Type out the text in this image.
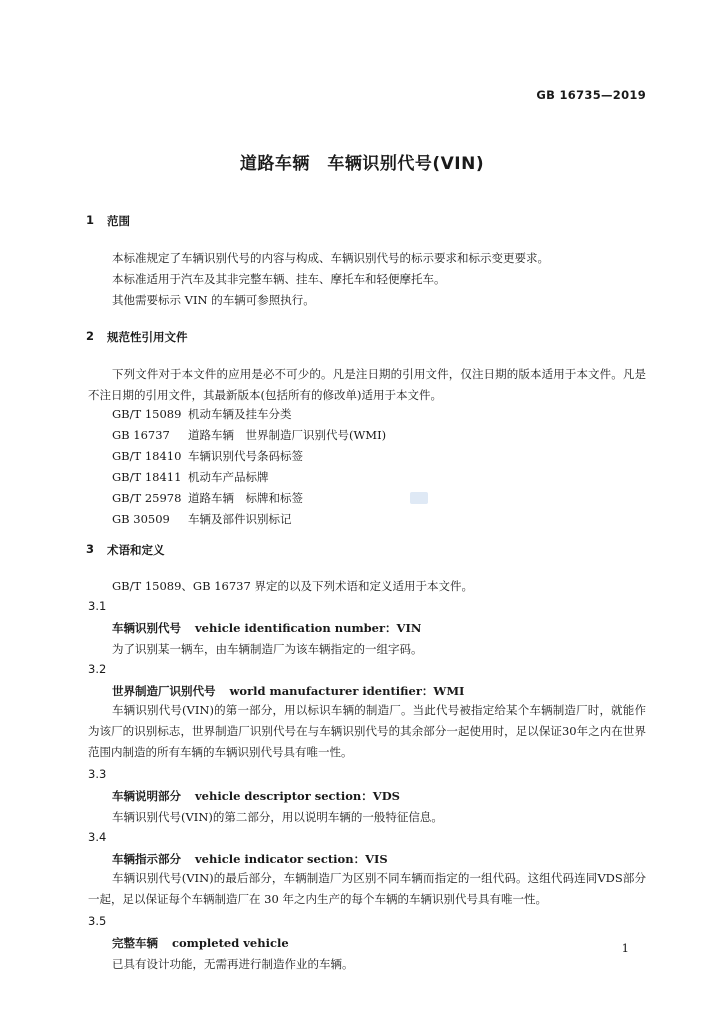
GB 16735—2019
道路车辆　车辆识别代号(VIN)
1 范围
本标准规定了车辆识别代号的内容与构成、车辆识别代号的标示要求和标示变更要求。
本标准适用于汽车及其非完整车辆、挂车、摩托车和轻便摩托车。
其他需要标示 VIN 的车辆可参照执行。
2 规范性引用文件
下列文件对于本文件的应用是必不可少的。凡是注日期的引用文件，仅注日期的版本适用于本文件。凡是不注日期的引用文件，其最新版本(包括所有的修改单)适用于本文件。
GB/T 15089 机动车辆及挂车分类
GB 16737 道路车辆　世界制造厂识别代号(WMI)
GB/T 18410 车辆识别代号条码标签
GB/T 18411 机动车产品标牌
GB/T 25978 道路车辆　标牌和标签
GB 30509 车辆及部件识别标记
3 术语和定义
GB/T 15089、GB 16737 界定的以及下列术语和定义适用于本文件。
3.1
车辆识别代号 vehicle identification number：VIN
为了识别某一辆车，由车辆制造厂为该车辆指定的一组字码。
3.2
世界制造厂识别代号 world manufacturer identifier：WMI
车辆识别代号(VIN)的第一部分，用以标识车辆的制造厂。当此代号被指定给某个车辆制造厂时，就能作为该厂的识别标志，世界制造厂识别代号在与车辆识别代号的其余部分一起使用时，足以保证30年之内在世界范围内制造的所有车辆的车辆识别代号具有唯一性。
3.3
车辆说明部分 vehicle descriptor section：VDS
车辆识别代号(VIN)的第二部分，用以说明车辆的一般特征信息。
3.4
车辆指示部分 vehicle indicator section：VIS
车辆识别代号(VIN)的最后部分，车辆制造厂为区别不同车辆而指定的一组代码。这组代码连同VDS部分一起，足以保证每个车辆制造厂在 30 年之内生产的每个车辆的车辆识别代号具有唯一性。
3.5
完整车辆 completed vehicle
已具有设计功能，无需再进行制造作业的车辆。
1
